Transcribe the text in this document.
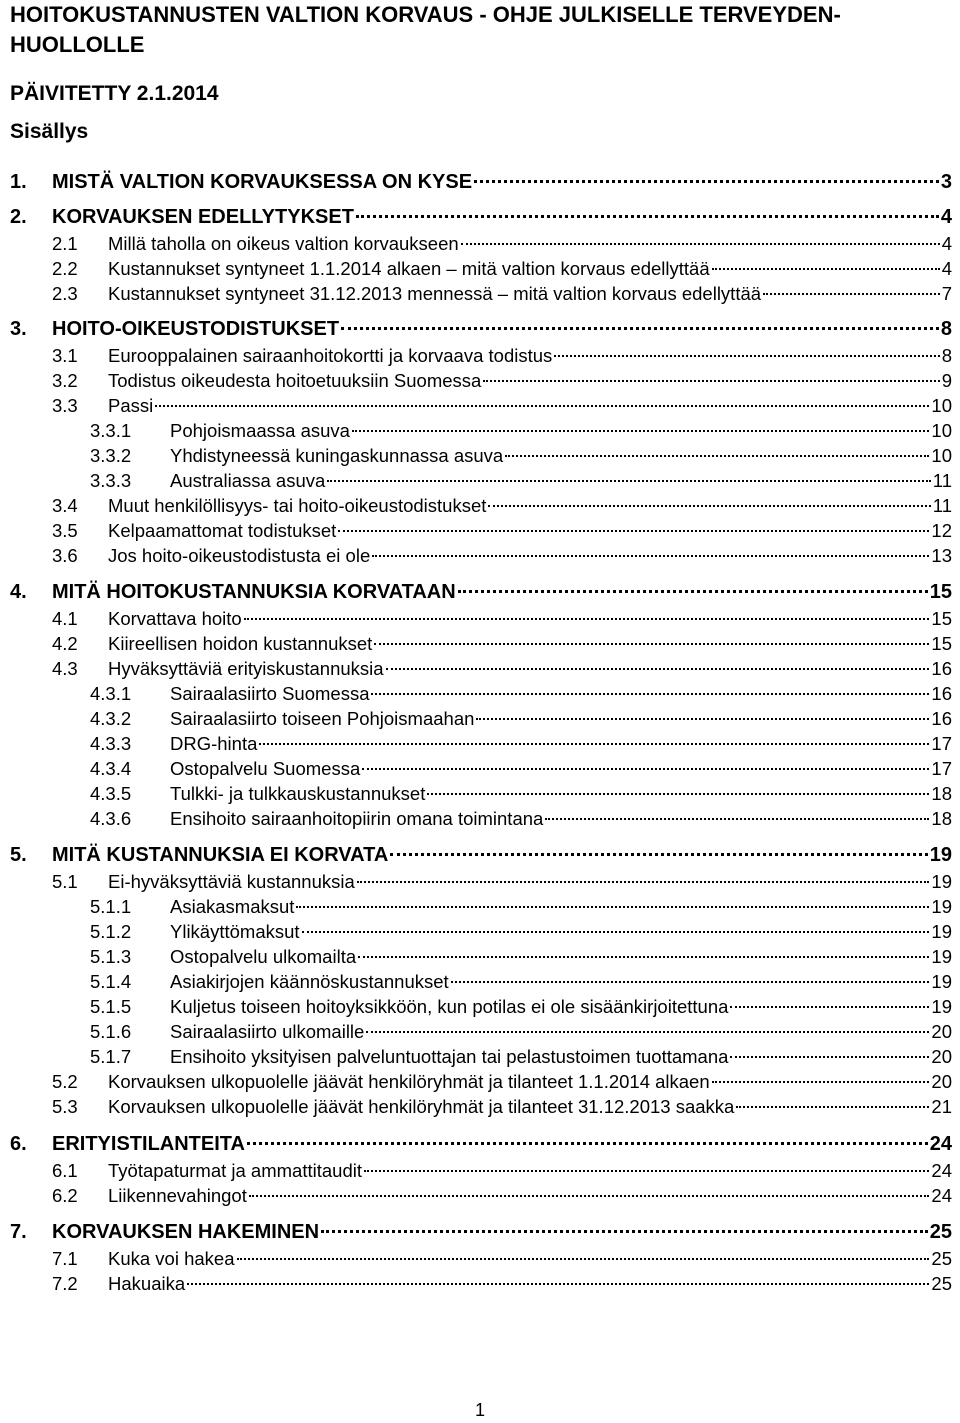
HOITOKUSTANNUSTEN VALTION KORVAUS - OHJE JULKISELLE TERVEYDEN-HUOLLOLLE

PÄIVITETTY 2.1.2014
Sisällys
1.	MISTÄ VALTION KORVAUKSESSA ON KYSE	3
2.	KORVAUKSEN EDELLYTYKSET	4
2.1	Millä taholla on oikeus valtion korvaukseen	4
2.2	Kustannukset syntyneet 1.1.2014 alkaen – mitä valtion korvaus edellyttää	4
2.3	Kustannukset syntyneet 31.12.2013 mennessä – mitä valtion korvaus edellyttää	7
3.	HOITO-OIKEUSTODISTUKSET	8
3.1	Eurooppalainen sairaanhoitokortti ja korvaava todistus	8
3.2	Todistus oikeudesta hoitoetuuksiin Suomessa	9
3.3	Passi	10
3.3.1	Pohjoismaassa asuva	10
3.3.2	Yhdistyneessä kuningaskunnassa asuva	10
3.3.3	Australiassa asuva	11
3.4	Muut henkilöllisyys- tai hoito-oikeustodistukset	11
3.5	Kelpaamattomat todistukset	12
3.6	Jos hoito-oikeustodistusta ei ole	13
4.	MITÄ HOITOKUSTANNUKSIA KORVATAAN	15
4.1	Korvattava hoito	15
4.2	Kiireellisen hoidon kustannukset	15
4.3	Hyväksyttäviä erityiskustannuksia	16
4.3.1	Sairaalasiirto Suomessa	16
4.3.2	Sairaalasiirto toiseen Pohjoismaahan	16
4.3.3	DRG-hinta	17
4.3.4	Ostopalvelu Suomessa	17
4.3.5	Tulkki- ja tulkkauskustannukset	18
4.3.6	Ensihoito sairaanhoitopiirin omana toimintana	18
5.	MITÄ KUSTANNUKSIA EI KORVATA	19
5.1	Ei-hyväksyttäviä kustannuksia	19
5.1.1	Asiakasmaksut	19
5.1.2	Ylikäyttömaksut	19
5.1.3	Ostopalvelu ulkomailta	19
5.1.4	Asiakirjojen käännöskustannukset	19
5.1.5	Kuljetus toiseen hoitoyksikköön, kun potilas ei ole sisäänkirjoitettuna	19
5.1.6	Sairaalasiirto ulkomaille	20
5.1.7	Ensihoito yksityisen palveluntuottajan tai pelastustoimen tuottamana	20
5.2	Korvauksen ulkopuolelle jäävät henkilöryhmät ja tilanteet 1.1.2014 alkaen	20
5.3	Korvauksen ulkopuolelle jäävät henkilöryhmät ja tilanteet 31.12.2013 saakka	21
6.	ERITYISTILANTEITA	24
6.1	Työtapaturmat ja ammattitaudit	24
6.2	Liikennevahingot	24
7.	KORVAUKSEN HAKEMINEN	25
7.1	Kuka voi hakea	25
7.2	Hakuaika	25
1
